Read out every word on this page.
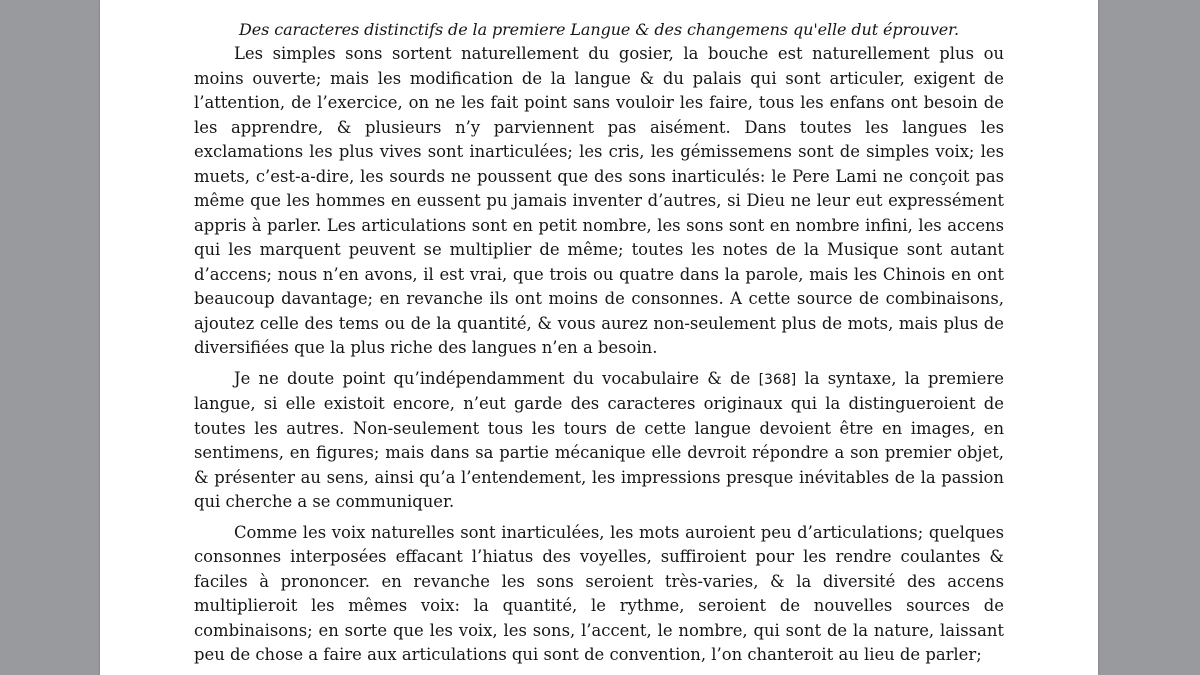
Des caracteres distinctifs de la premiere Langue & des changemens qu'elle dut éprouver.

Les simples sons sortent naturellement du gosier, la bouche est naturellement plus ou moins ouverte; mais les modification de la langue & du palais qui sont articuler, exigent de l’attention, de l’exercice, on ne les fait point sans vouloir les faire, tous les enfans ont besoin de les apprendre, & plusieurs n’y parviennent pas aisément. Dans toutes les langues les exclamations les plus vives sont inarticulées; les cris, les gémissemens sont de simples voix; les muets, c’est-a-dire, les sourds ne poussent que des sons inarticulés: le Pere Lami ne conçoit pas même que les hommes en eussent pu jamais inventer d’autres, si Dieu ne leur eut expressément appris à parler. Les articulations sont en petit nombre, les sons sont en nombre infini, les accens qui les marquent peuvent se multiplier de même; toutes les notes de la Musique sont autant d’accens; nous n’en avons, il est vrai, que trois ou quatre dans la parole, mais les Chinois en ont beaucoup davantage; en revanche ils ont moins de consonnes. A cette source de combinaisons, ajoutez celle des tems ou de la quantité, & vous aurez non-seulement plus de mots, mais plus de diversifiées que la plus riche des langues n’en a besoin.

Je ne doute point qu’indépendamment du vocabulaire & de [368] la syntaxe, la premiere langue, si elle existoit encore, n’eut garde des caracteres originaux qui la distingueroient de toutes les autres. Non-seulement tous les tours de cette langue devoient être en images, en sentimens, en figures; mais dans sa partie mécanique elle devroit répondre a son premier objet, & présenter au sens, ainsi qu’a l’entendement, les impressions presque inévitables de la passion qui cherche a se communiquer.

Comme les voix naturelles sont inarticulées, les mots auroient peu d’articulations; quelques consonnes interposées effacant l’hiatus des voyelles, suffiroient pour les rendre coulantes & faciles à prononcer. en revanche les sons seroient très-varies, & la diversité des accens multiplieroit les mêmes voix: la quantité, le rythme, seroient de nouvelles sources de combinaisons; en sorte que les voix, les sons, l’accent, le nombre, qui sont de la nature, laissant peu de chose a faire aux articulations qui sont de convention, l’on chanteroit au lieu de parler;
